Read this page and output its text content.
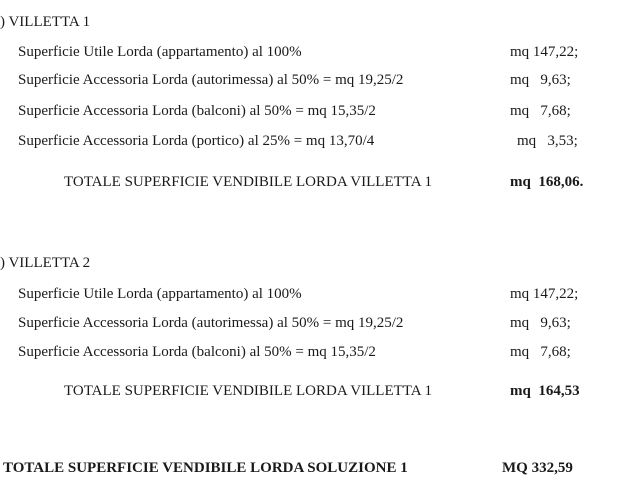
) VILLETTA 1
Superficie Utile Lorda (appartamento) al 100%	mq 147,22;
Superficie Accessoria Lorda (autorimessa) al 50% = mq 19,25/2	mq   9,63;
Superficie Accessoria Lorda (balconi) al 50% = mq 15,35/2	mq   7,68;
Superficie Accessoria Lorda (portico) al 25% = mq 13,70/4	mq   3,53;
TOTALE SUPERFICIE VENDIBILE LORDA VILLETTA 1	mq  168,06.
) VILLETTA 2
Superficie Utile Lorda (appartamento) al 100%	mq 147,22;
Superficie Accessoria Lorda (autorimessa) al 50% = mq 19,25/2	mq   9,63;
Superficie Accessoria Lorda (balconi) al 50% = mq 15,35/2	mq   7,68;
TOTALE SUPERFICIE VENDIBILE LORDA VILLETTA 1	mq  164,53
TOTALE SUPERFICIE VENDIBILE LORDA SOLUZIONE 1	MQ 332,59
